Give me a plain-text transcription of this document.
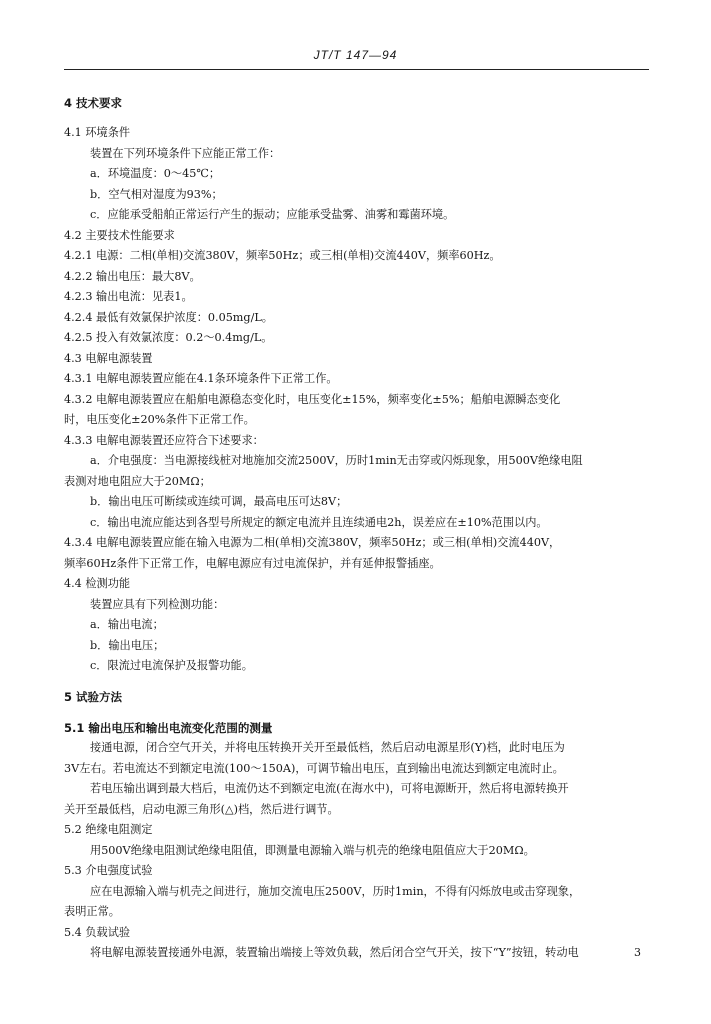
JT/T 147—94
4 技术要求
4.1 环境条件
装置在下列环境条件下应能正常工作：
a．环境温度：0～45℃；
b．空气相对湿度为93%；
c．应能承受船舶正常运行产生的振动；应能承受盐雾、油雾和霉菌环境。
4.2 主要技术性能要求
4.2.1 电源：二相(单相)交流380V，频率50Hz；或三相(单相)交流440V，频率60Hz。
4.2.2 输出电压：最大8V。
4.2.3 输出电流：见表1。
4.2.4 最低有效氯保护浓度：0.05mg/L。
4.2.5 投入有效氯浓度：0.2～0.4mg/L。
4.3 电解电源装置
4.3.1 电解电源装置应能在4.1条环境条件下正常工作。
4.3.2 电解电源装置应在船舶电源稳态变化时，电压变化±15%，频率变化±5%；船舶电源瞬态变化
时，电压变化±20%条件下正常工作。
4.3.3 电解电源装置还应符合下述要求：
a．介电强度：当电源接线桩对地施加交流2500V，历时1min无击穿或闪烁现象，用500V绝缘电阻
表测对地电阻应大于20MΩ；
b．输出电压可断续或连续可调，最高电压可达8V；
c．输出电流应能达到各型号所规定的额定电流并且连续通电2h，误差应在±10%范围以内。
4.3.4 电解电源装置应能在输入电源为二相(单相)交流380V，频率50Hz；或三相(单相)交流440V，
频率60Hz条件下正常工作，电解电源应有过电流保护，并有延伸报警插座。
4.4 检测功能
装置应具有下列检测功能：
a．输出电流；
b．输出电压；
c．限流过电流保护及报警功能。
5 试验方法
5.1 输出电压和输出电流变化范围的测量
接通电源，闭合空气开关，并将电压转换开关开至最低档，然后启动电源星形(Y)档，此时电压为
3V左右。若电流达不到额定电流(100～150A)，可调节输出电压，直到输出电流达到额定电流时止。
若电压输出调到最大档后，电流仍达不到额定电流(在海水中)，可将电源断开，然后将电源转换开
关开至最低档，启动电源三角形(△)档，然后进行调节。
5.2 绝缘电阻测定
用500V绝缘电阻测试绝缘电阻值，即测量电源输入端与机壳的绝缘电阻值应大于20MΩ。
5.3 介电强度试验
应在电源输入端与机壳之间进行，施加交流电压2500V，历时1min，不得有闪烁放电或击穿现象，
表明正常。
5.4 负载试验
将电解电源装置接通外电源，装置输出端接上等效负载，然后闭合空气开关，按下“Y”按钮，转动电	3
